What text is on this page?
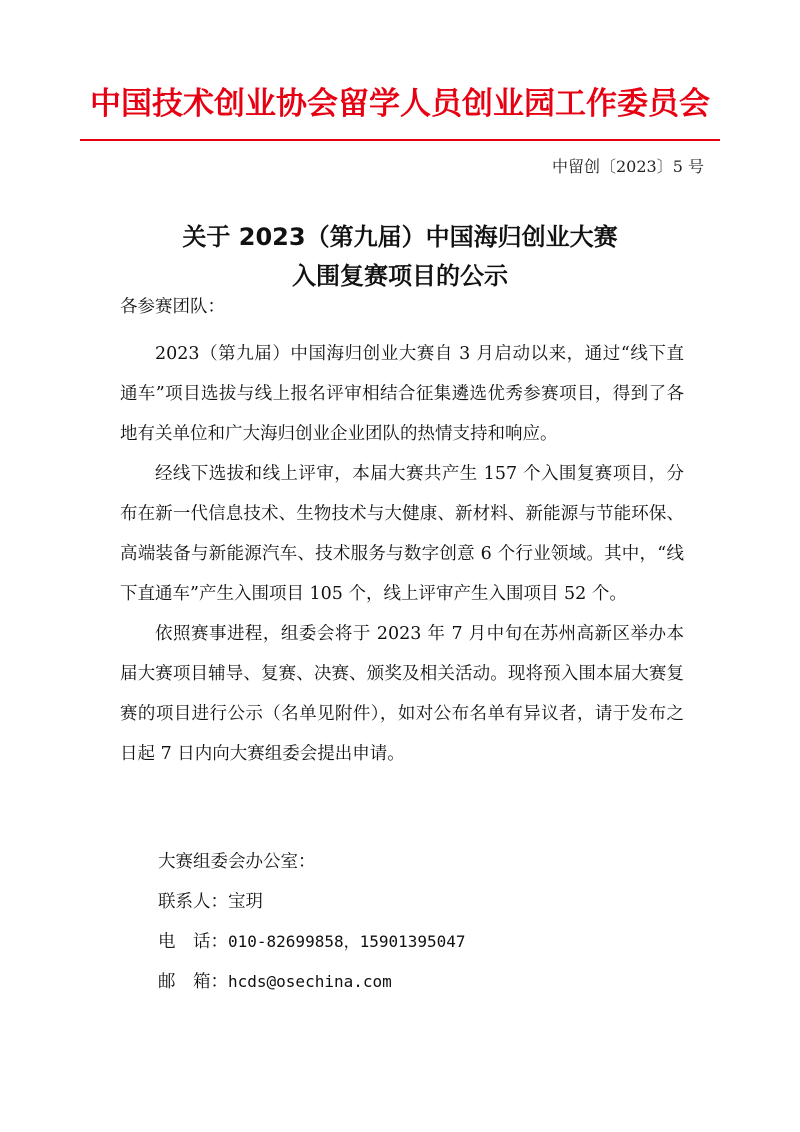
中国技术创业协会留学人员创业园工作委员会
中留创〔2023〕5 号
关于 2023（第九届）中国海归创业大赛
入围复赛项目的公示
各参赛团队：

2023（第九届）中国海归创业大赛自 3 月启动以来，通过“线下直通车”项目选拔与线上报名评审相结合征集遴选优秀参赛项目，得到了各地有关单位和广大海归创业企业团队的热情支持和响应。

经线下选拔和线上评审，本届大赛共产生 157 个入围复赛项目，分布在新一代信息技术、生物技术与大健康、新材料、新能源与节能环保、高端装备与新能源汽车、技术服务与数字创意 6 个行业领域。其中，“线下直通车”产生入围项目 105 个，线上评审产生入围项目 52 个。

依照赛事进程，组委会将于 2023 年 7 月中旬在苏州高新区举办本届大赛项目辅导、复赛、决赛、颁奖及相关活动。现将预入围本届大赛复赛的项目进行公示（名单见附件），如对公布名单有异议者，请于发布之日起 7 日内向大赛组委会提出申请。

大赛组委会办公室：
联系人：宝玥
电　话：010-82699858，15901395047
邮　箱：hcds@osechina.com
